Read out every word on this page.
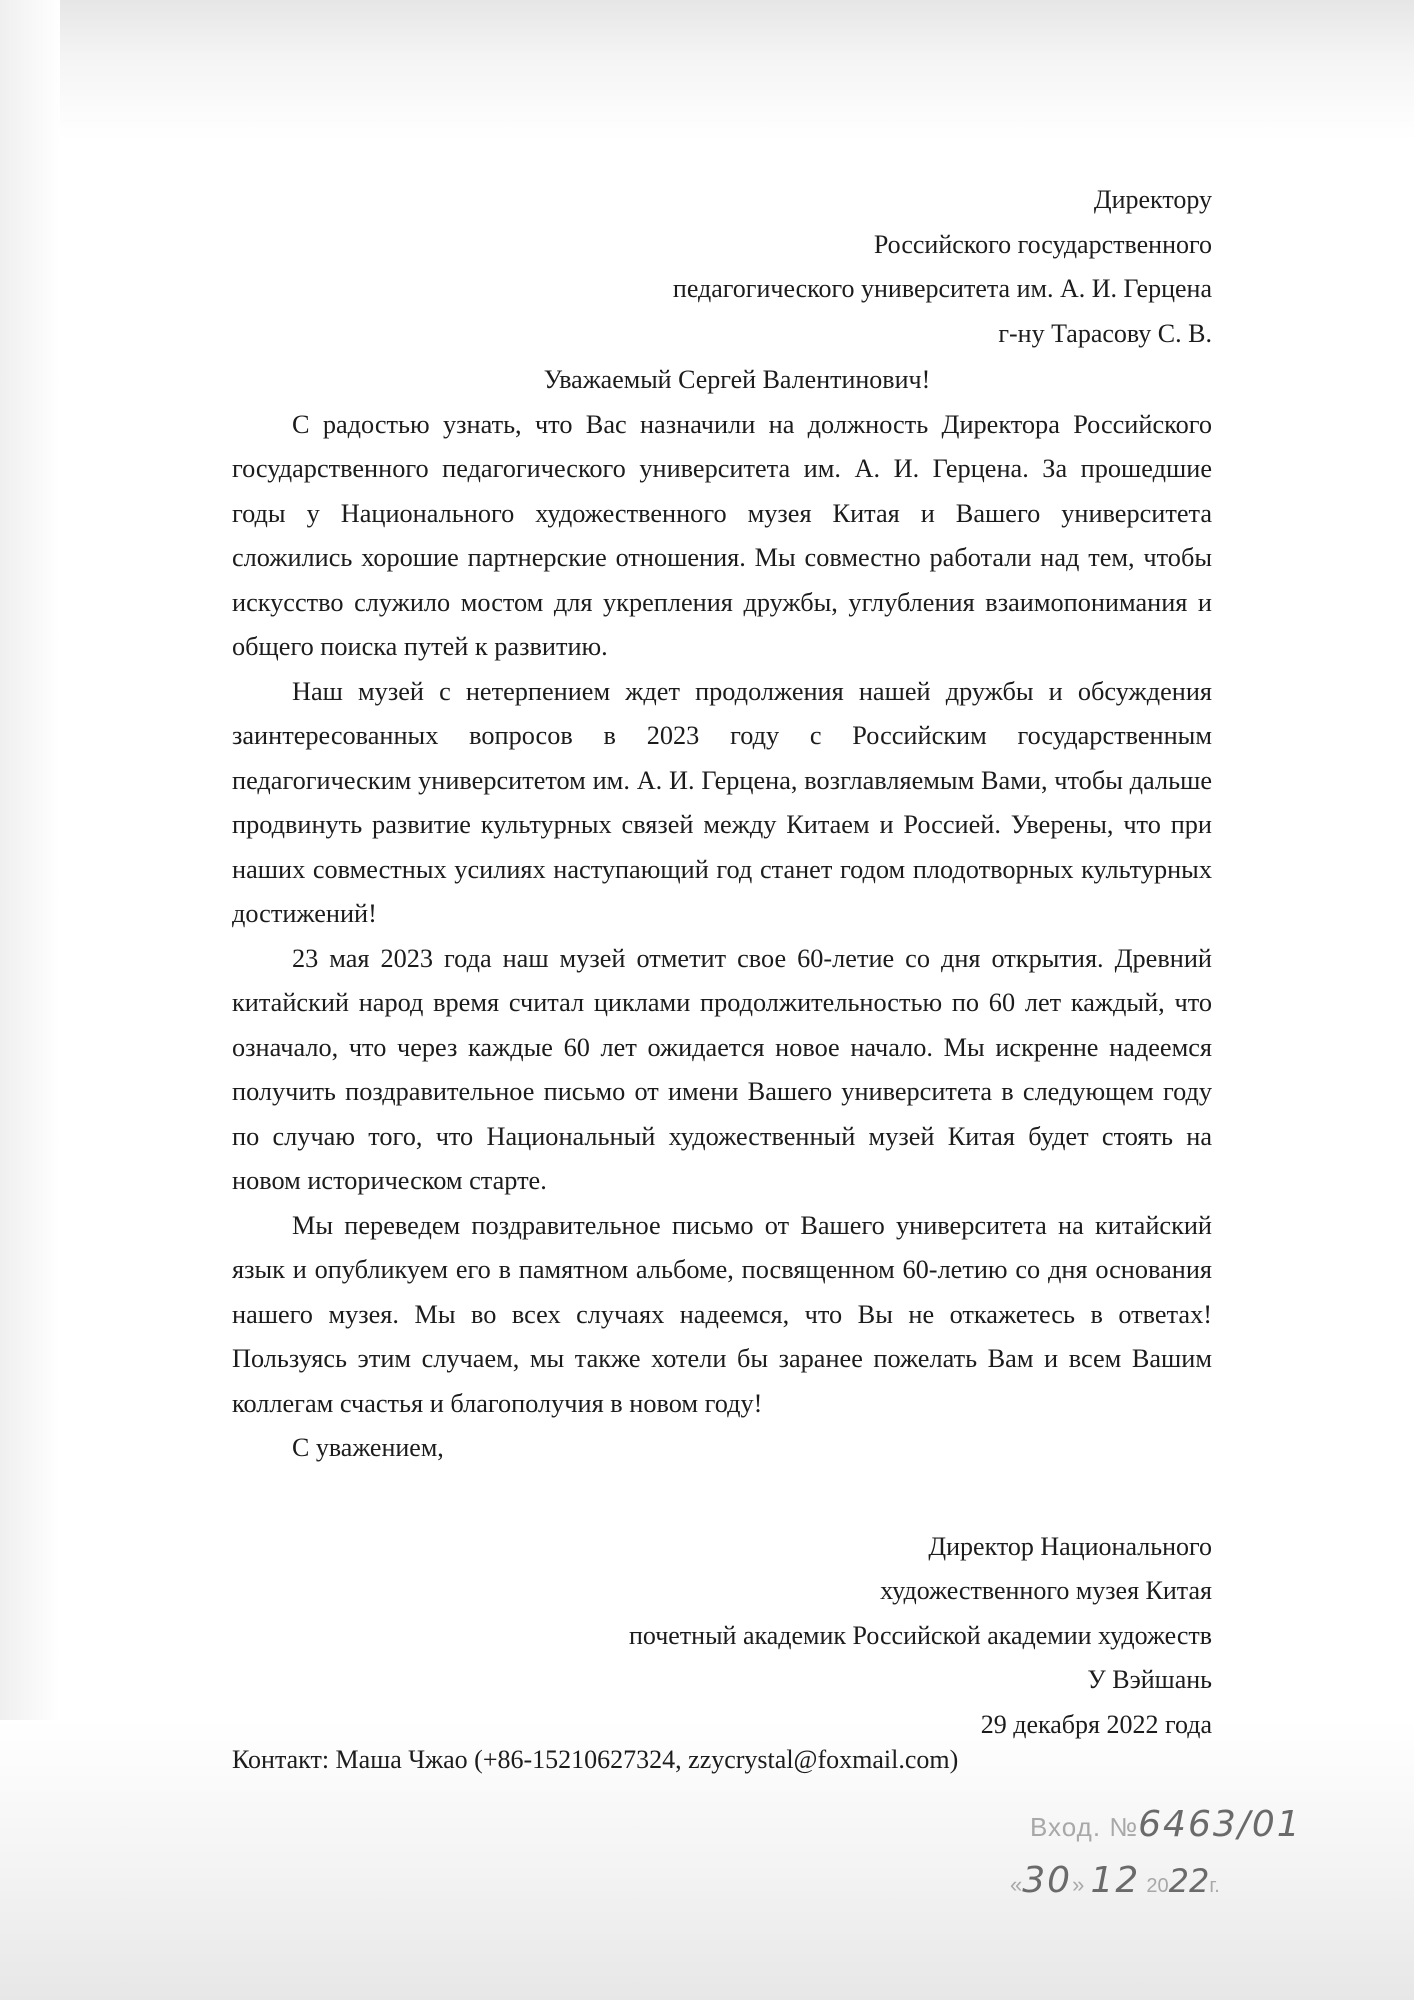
Директору
Российского государственного
педагогического университета им. А. И. Герцена
г-ну Тарасову С. В.

Уважаемый Сергей Валентинович!

С радостью узнать, что Вас назначили на должность Директора Российского государственного педагогического университета им. А. И. Герцена. За прошедшие годы у Национального художественного музея Китая и Вашего университета сложились хорошие партнерские отношения. Мы совместно работали над тем, чтобы искусство служило мостом для укрепления дружбы, углубления взаимопонимания и общего поиска путей к развитию.

Наш музей с нетерпением ждет продолжения нашей дружбы и обсуждения заинтересованных вопросов в 2023 году с Российским государственным педагогическим университетом им. А. И. Герцена, возглавляемым Вами, чтобы дальше продвинуть развитие культурных связей между Китаем и Россией. Уверены, что при наших совместных усилиях наступающий год станет годом плодотворных культурных достижений!

23 мая 2023 года наш музей отметит свое 60-летие со дня открытия. Древний китайский народ время считал циклами продолжительностью по 60 лет каждый, что означало, что через каждые 60 лет ожидается новое начало. Мы искренне надеемся получить поздравительное письмо от имени Вашего университета в следующем году по случаю того, что Национальный художественный музей Китая будет стоять на новом историческом старте.

Мы переведем поздравительное письмо от Вашего университета на китайский язык и опубликуем его в памятном альбоме, посвященном 60-летию со дня основания нашего музея. Мы во всех случаях надеемся, что Вы не откажетесь в ответах! Пользуясь этим случаем, мы также хотели бы заранее пожелать Вам и всем Вашим коллегам счастья и благополучия в новом году!

С уважением,

Директор Национального
художественного музея Китая
почетный академик Российской академии художеств
У Вэйшань
29 декабря 2022 года
Контакт: Маша Чжао (+86-15210627324, zzycrystal@foxmail.com)
Вход. №6463/01
«30» 12 2022г.
